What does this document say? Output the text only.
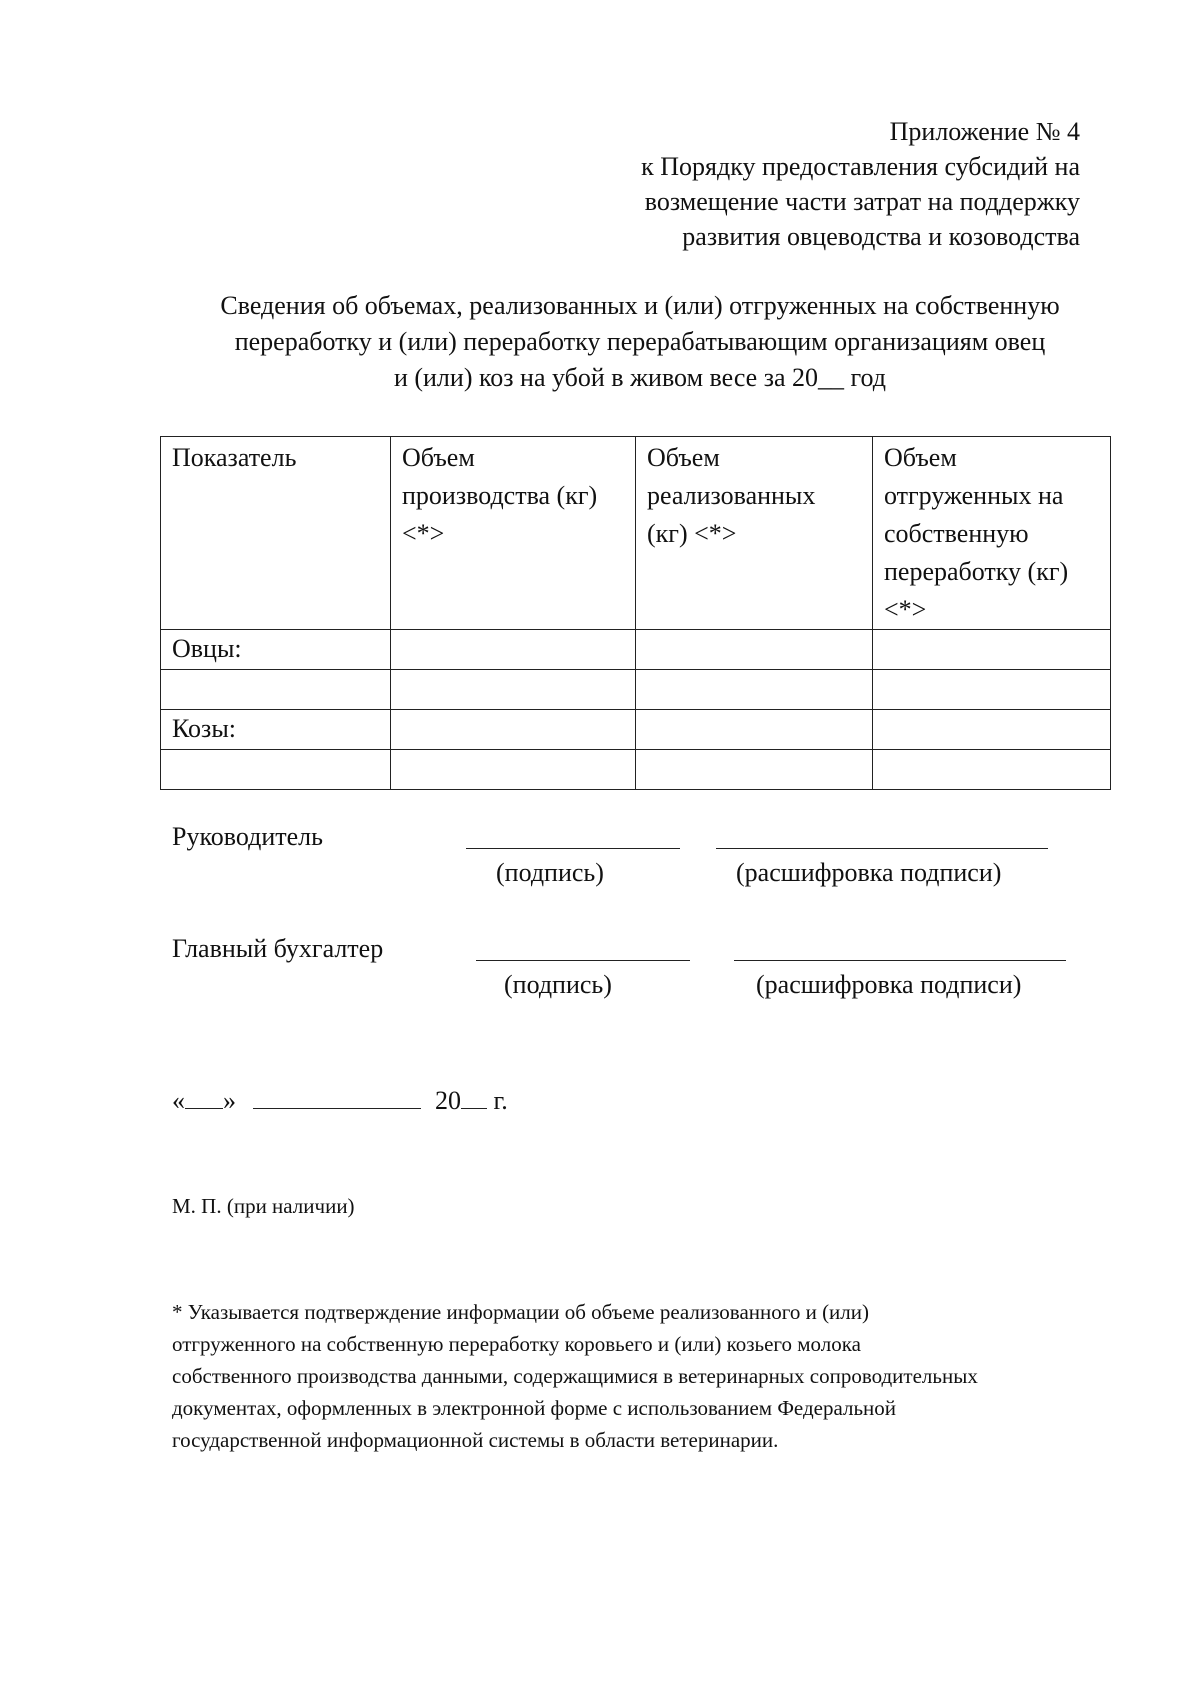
Приложение № 4
к Порядку предоставления субсидий на
возмещение части затрат на поддержку
развития овцеводства и козоводства
Сведения об объемах, реализованных и (или) отгруженных на собственную
переработку и (или) переработку перерабатывающим организациям овец
и (или) коз на убой в живом весе за 20__ год
Показатель	Объем производства (кг) <*>	Объем реализованных (кг) <*>	Объем отгруженных на собственную переработку (кг) <*>
Овцы:			

Козы:			

Руководитель
(подпись)	(расшифровка подписи)
Главный бухгалтер
(подпись)	(расшифровка подписи)
« »	20 г.
М. П. (при наличии)
* Указывается подтверждение информации об объеме реализованного и (или)
отгруженного на собственную переработку коровьего и (или) козьего молока
собственного производства данными, содержащимися в ветеринарных сопроводительных
документах, оформленных в электронной форме с использованием Федеральной
государственной информационной системы в области ветеринарии.
